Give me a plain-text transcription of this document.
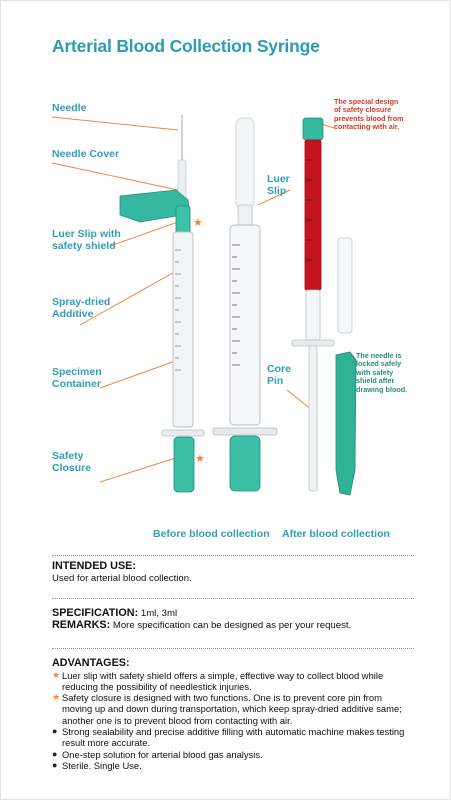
Arterial Blood Collection Syringe
★
★
Needle
Needle Cover
Luer Slip with
safety shield
Spray-dried
Additive
Specimen
Container
Safety
Closure
Luer
Slip
Core
Pin
The special design
of safety closure
prevents blood from
contacting with air.
The needle is
locked safely
with safety
shield after
drawing blood.
Before blood collection After blood collection
INTENDED USE:
Used for arterial blood collection.
SPECIFICATION: 1ml, 3ml
REMARKS: More specification can be designed as per your request.
ADVANTAGES:
★ Luer slip with safety shield offers a simple, effective way to collect blood while
reducing the possibility of needlestick injuries.
★ Safety closure is designed with two functions. One is to prevent core pin from
moving up and down during transportation, which keep spray-dried additive same;
another one is to prevent blood from contacting with air.
● Strong sealability and precise additive filling with automatic machine makes testing
result more accurate.
● One-step solution for arterial blood gas analysis.
● Sterile. Single Use.
